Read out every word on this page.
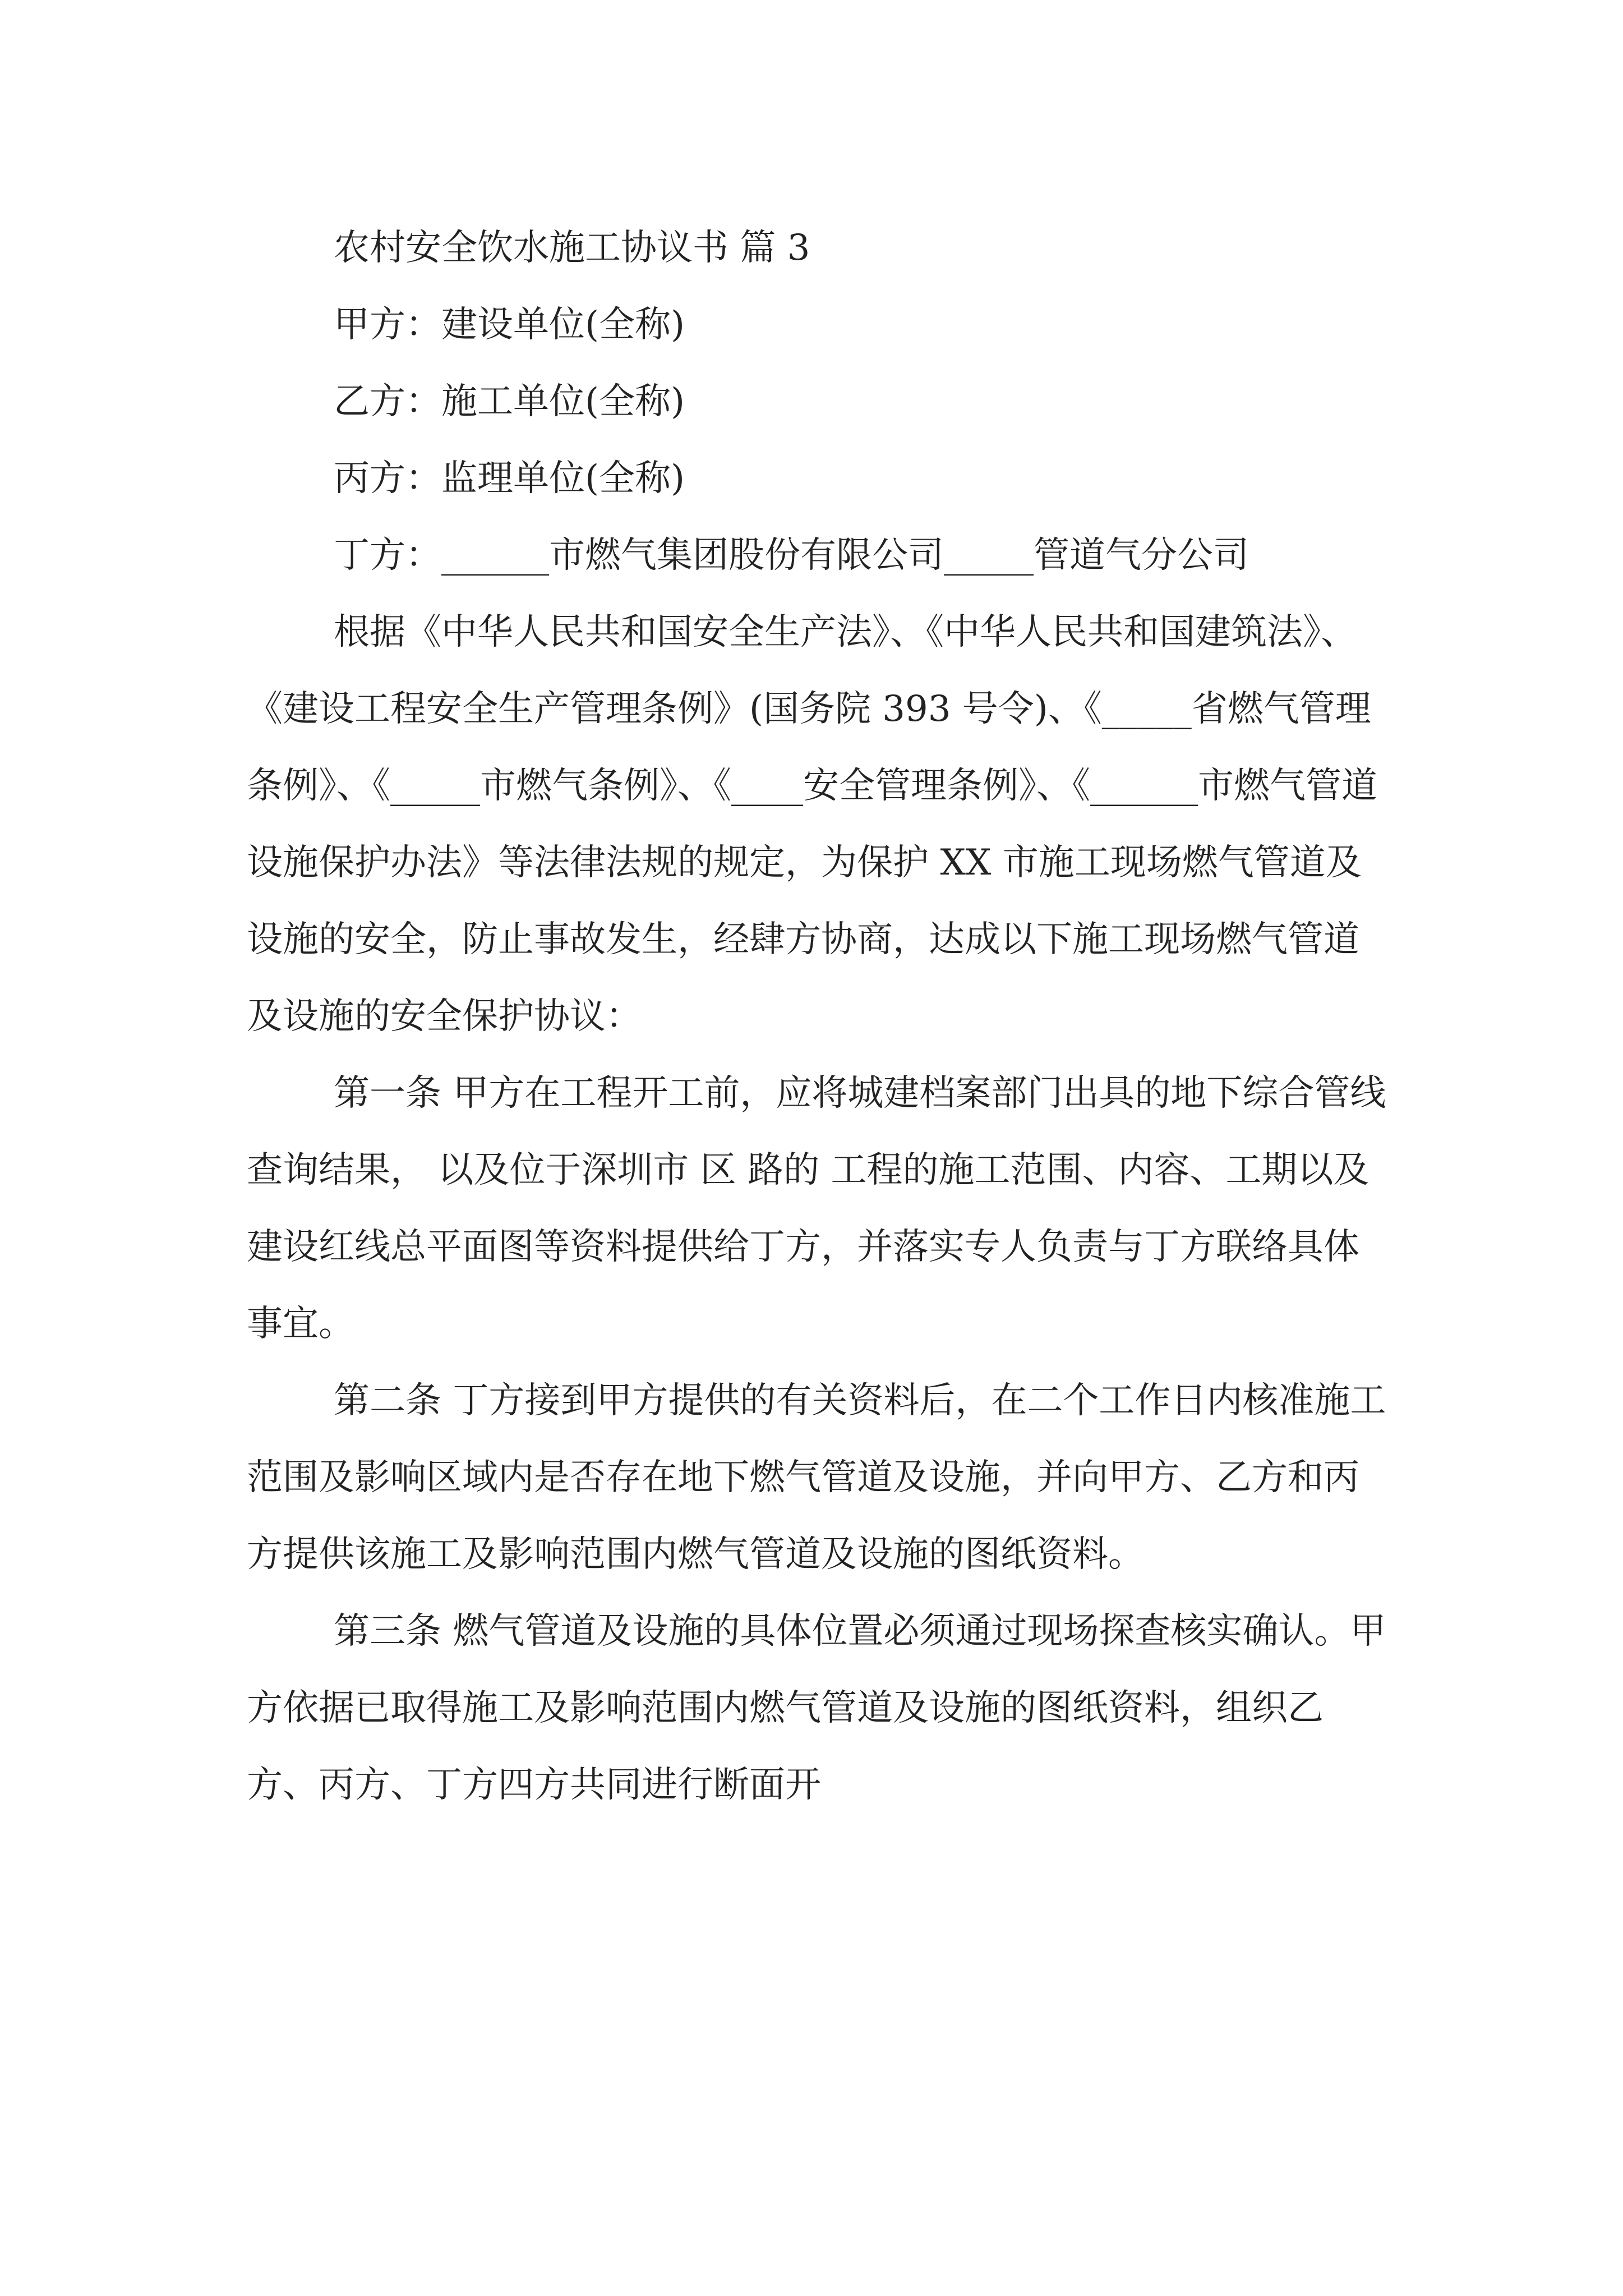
农村安全饮水施工协议书 篇 3

甲方：建设单位(全称)

乙方：施工单位(全称)

丙方：监理单位(全称)

丁方：______市燃气集团股份有限公司_____管道气分公司

根据《中华人民共和国安全生产法》、《中华人民共和国建筑法》、《建设工程安全生产管理条例》(国务院 393 号令)、《_____省燃气管理条例》、《_____市燃气条例》、《____安全管理条例》、《______市燃气管道设施保护办法》等法律法规的规定，为保护 XX 市施工现场燃气管道及设施的安全，防止事故发生，经肆方协商，达成以下施工现场燃气管道及设施的安全保护协议：

第一条 甲方在工程开工前，应将城建档案部门出具的地下综合管线查询结果， 以及位于深圳市 区 路的 工程的施工范围、内容、工期以及建设红线总平面图等资料提供给丁方，并落实专人负责与丁方联络具体事宜。

第二条 丁方接到甲方提供的有关资料后，在二个工作日内核准施工范围及影响区域内是否存在地下燃气管道及设施，并向甲方、乙方和丙方提供该施工及影响范围内燃气管道及设施的图纸资料。

第三条 燃气管道及设施的具体位置必须通过现场探查核实确认。甲方依据已取得施工及影响范围内燃气管道及设施的图纸资料，组织乙方、丙方、丁方四方共同进行断面开
